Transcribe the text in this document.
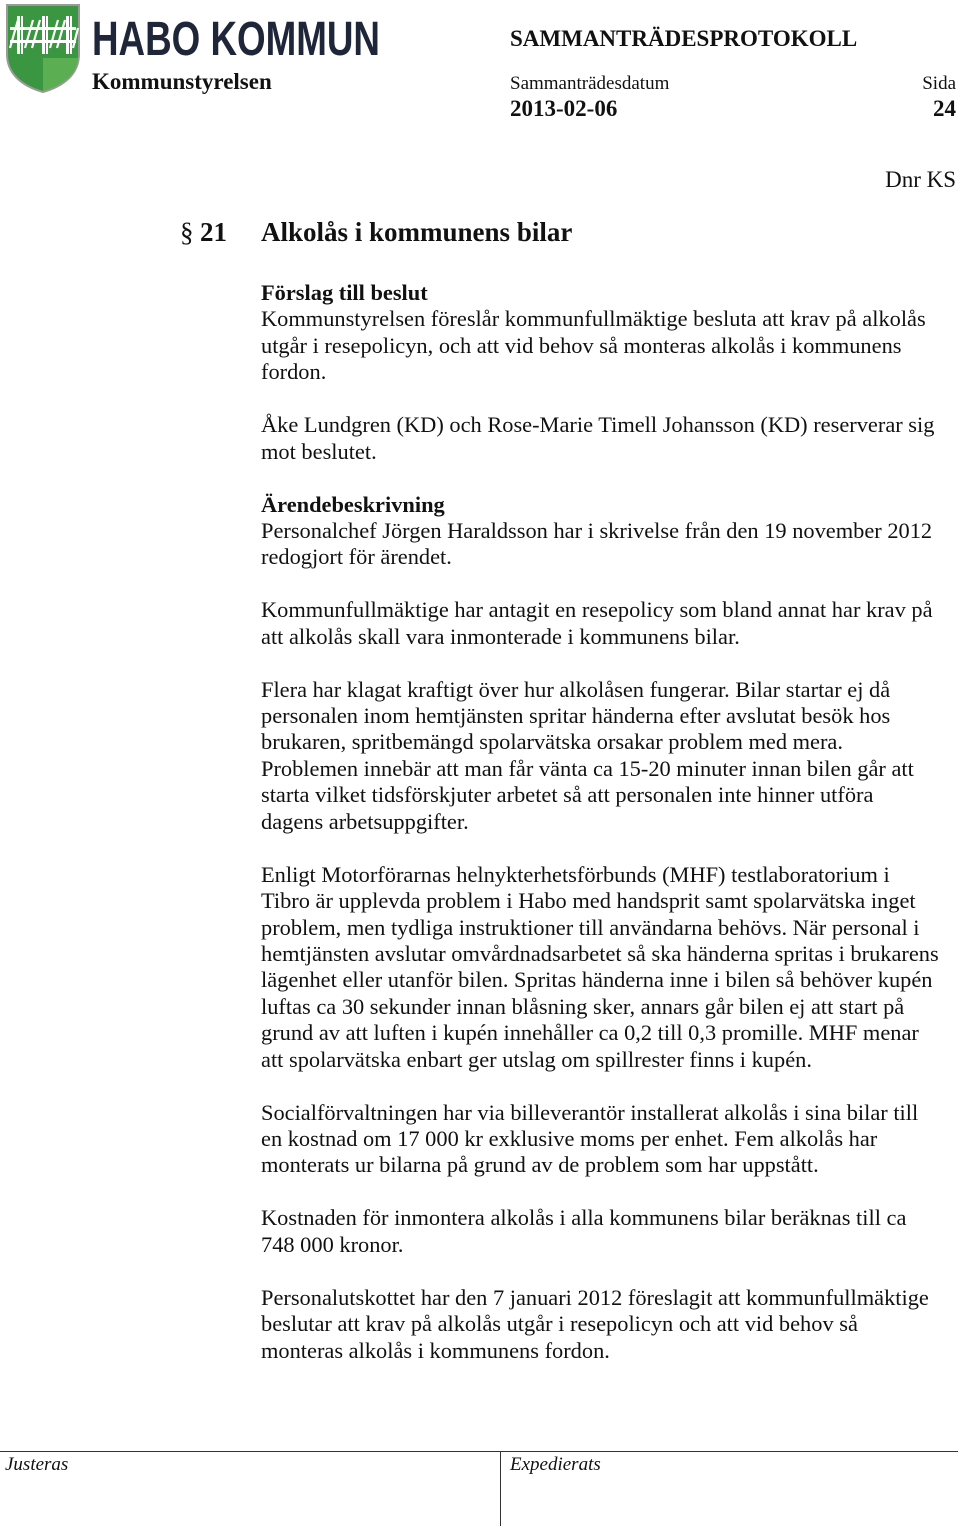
HABO KOMMUN	SAMMANTRÄDESPROTOKOLL
Kommunstyrelsen	Sammanträdesdatum	Sida
2013-02-06	24
Dnr KS
§ 21 Alkolås i kommunens bilar
Förslag till beslut
Kommunstyrelsen föreslår kommunfullmäktige besluta att krav på alkolås
utgår i resepolicyn, och att vid behov så monteras alkolås i kommunens
fordon.
Åke Lundgren (KD) och Rose-Marie Timell Johansson (KD) reserverar sig
mot beslutet.
Ärendebeskrivning
Personalchef Jörgen Haraldsson har i skrivelse från den 19 november 2012
redogjort för ärendet.
Kommunfullmäktige har antagit en resepolicy som bland annat har krav på
att alkolås skall vara inmonterade i kommunens bilar.
Flera har klagat kraftigt över hur alkolåsen fungerar. Bilar startar ej då
personalen inom hemtjänsten spritar händerna efter avslutat besök hos
brukaren, spritbemängd spolarvätska orsakar problem med mera.
Problemen innebär att man får vänta ca 15-20 minuter innan bilen går att
starta vilket tidsförskjuter arbetet så att personalen inte hinner utföra
dagens arbetsuppgifter.
Enligt Motorförarnas helnykterhetsförbunds (MHF) testlaboratorium i
Tibro är upplevda problem i Habo med handsprit samt spolarvätska inget
problem, men tydliga instruktioner till användarna behövs. När personal i
hemtjänsten avslutar omvårdnadsarbetet så ska händerna spritas i brukarens
lägenhet eller utanför bilen. Spritas händerna inne i bilen så behöver kupén
luftas ca 30 sekunder innan blåsning sker, annars går bilen ej att start på
grund av att luften i kupén innehåller ca 0,2 till 0,3 promille. MHF menar
att spolarvätska enbart ger utslag om spillrester finns i kupén.
Socialförvaltningen har via billeverantör installerat alkolås i sina bilar till
en kostnad om 17 000 kr exklusive moms per enhet. Fem alkolås har
monterats ur bilarna på grund av de problem som har uppstått.
Kostnaden för inmontera alkolås i alla kommunens bilar beräknas till ca
748 000 kronor.
Personalutskottet har den 7 januari 2012 föreslagit att kommunfullmäktige
beslutar att krav på alkolås utgår i resepolicyn och att vid behov så
monteras alkolås i kommunens fordon.
Justeras	Expedierats
